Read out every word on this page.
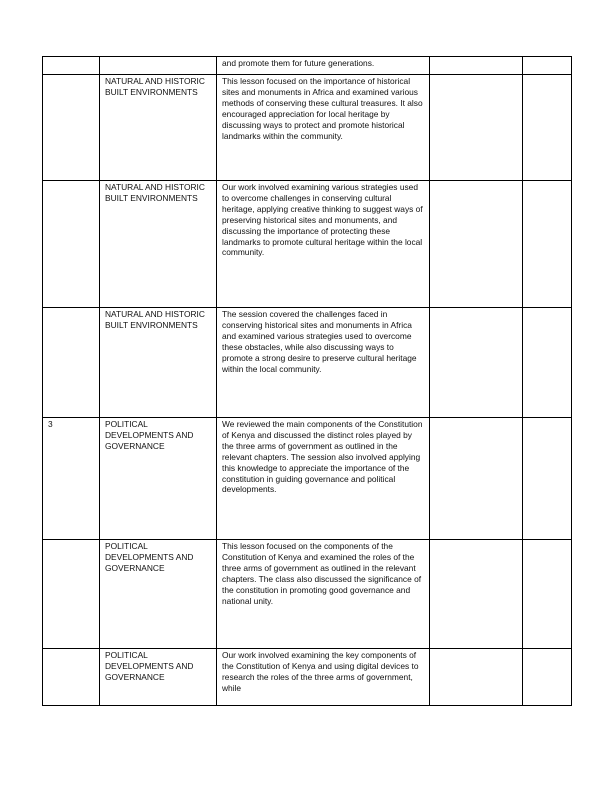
		and promote them for future generations.		
	NATURAL AND HISTORIC BUILT ENVIRONMENTS	This lesson focused on the importance of historical sites and monuments in Africa and examined various methods of conserving these cultural treasures. It also encouraged appreciation for local heritage by discussing ways to protect and promote historical landmarks within the community.		
	NATURAL AND HISTORIC BUILT ENVIRONMENTS	Our work involved examining various strategies used to overcome challenges in conserving cultural heritage, applying creative thinking to suggest ways of preserving historical sites and monuments, and discussing the importance of protecting these landmarks to promote cultural heritage within the local community.		
	NATURAL AND HISTORIC BUILT ENVIRONMENTS	The session covered the challenges faced in conserving historical sites and monuments in Africa and examined various strategies used to overcome these obstacles, while also discussing ways to promote a strong desire to preserve cultural heritage within the local community.		
3	POLITICAL DEVELOPMENTS AND GOVERNANCE	We reviewed the main components of the Constitution of Kenya and discussed the distinct roles played by the three arms of government as outlined in the relevant chapters. The session also involved applying this knowledge to appreciate the importance of the constitution in guiding governance and political developments.		
	POLITICAL DEVELOPMENTS AND GOVERNANCE	This lesson focused on the components of the Constitution of Kenya and examined the roles of the three arms of government as outlined in the relevant chapters. The class also discussed the significance of the constitution in promoting good governance and national unity.		
	POLITICAL DEVELOPMENTS AND GOVERNANCE	Our work involved examining the key components of the Constitution of Kenya and using digital devices to research the roles of the three arms of government, while		
